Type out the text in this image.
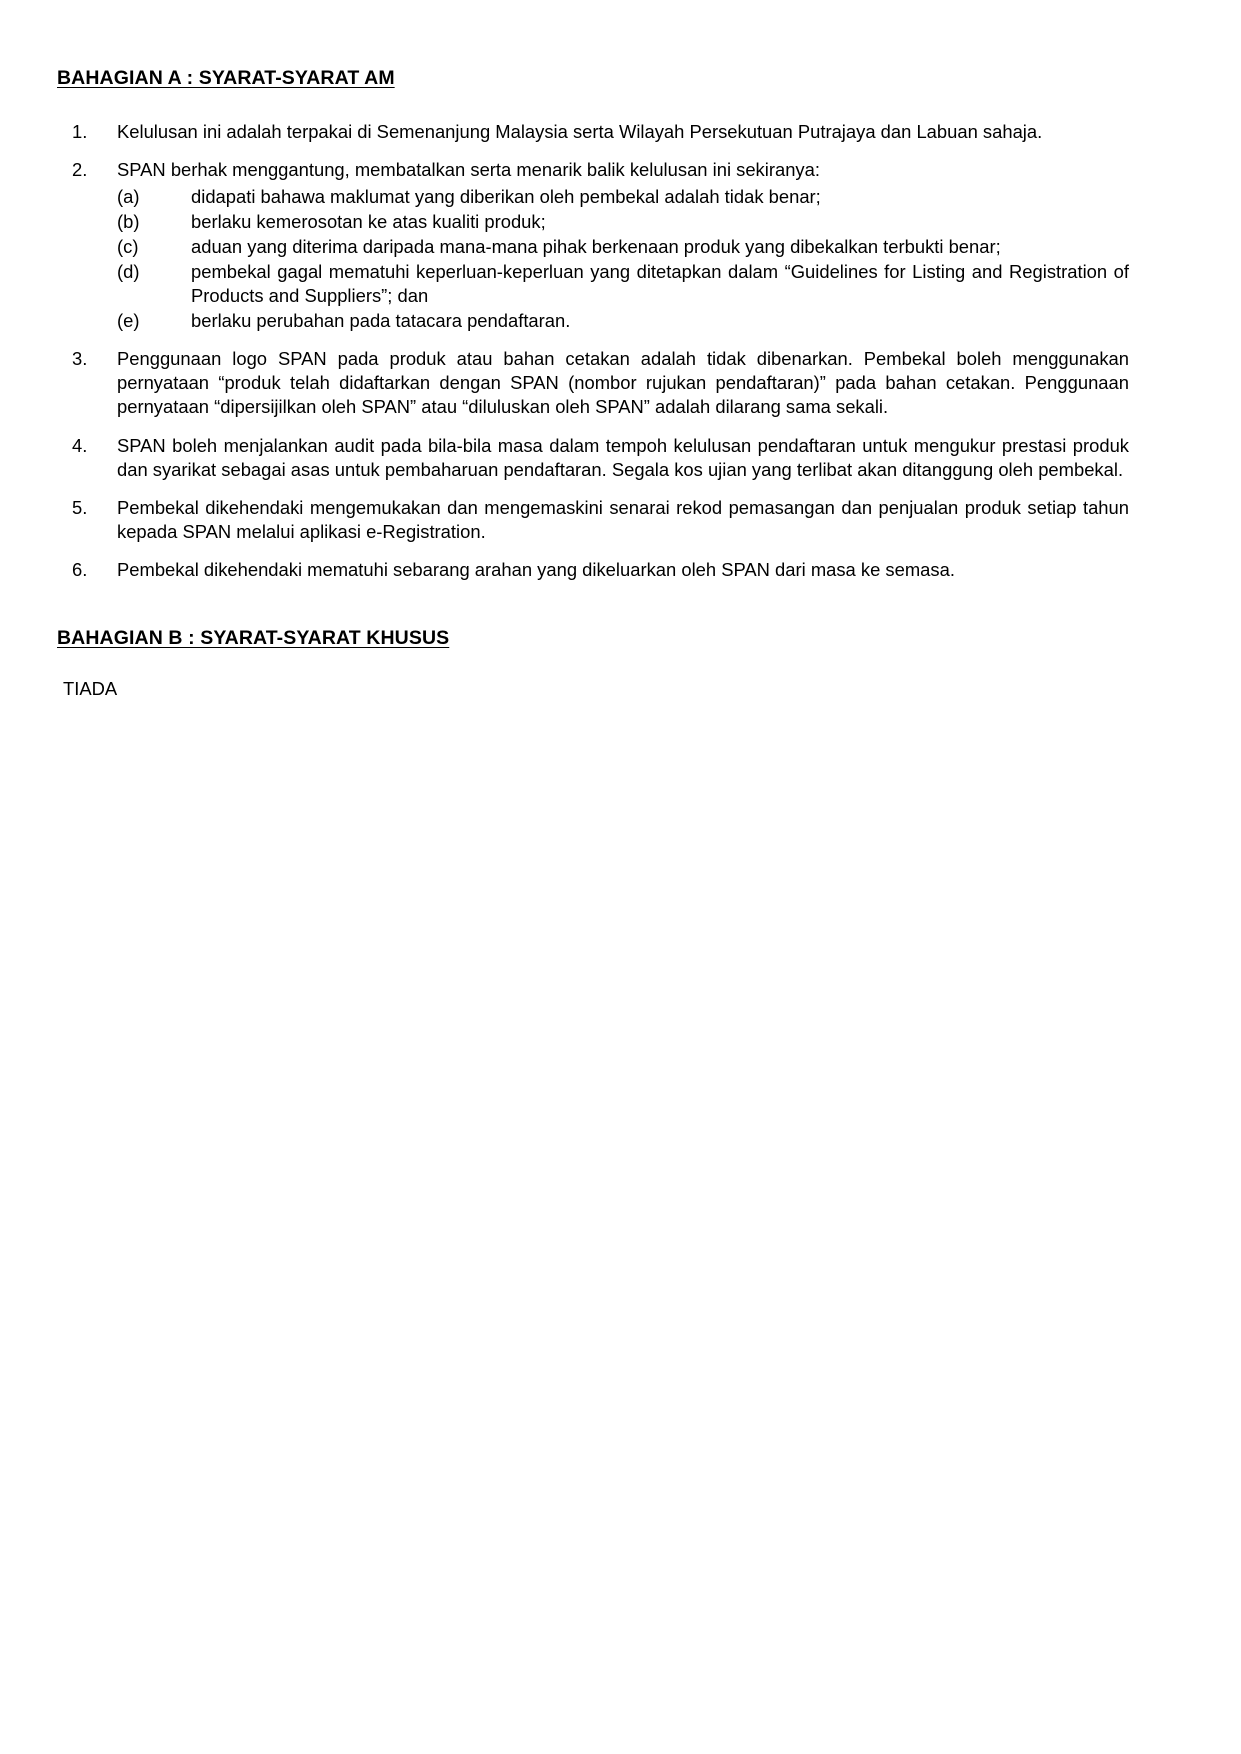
BAHAGIAN A : SYARAT-SYARAT AM
1.	Kelulusan ini adalah terpakai di Semenanjung Malaysia serta Wilayah Persekutuan Putrajaya dan Labuan sahaja.
2.	SPAN berhak menggantung, membatalkan serta menarik balik kelulusan ini sekiranya:
(a)	didapati bahawa maklumat yang diberikan oleh pembekal adalah tidak benar;
(b)	berlaku kemerosotan ke atas kualiti produk;
(c)	aduan yang diterima daripada mana-mana pihak berkenaan produk yang dibekalkan terbukti benar;
(d)	pembekal gagal mematuhi keperluan-keperluan yang ditetapkan dalam “Guidelines for Listing and Registration of Products and Suppliers”; dan
(e)	berlaku perubahan pada tatacara pendaftaran.
3.	Penggunaan logo SPAN pada produk atau bahan cetakan adalah tidak dibenarkan. Pembekal boleh menggunakan pernyataan “produk telah didaftarkan dengan SPAN (nombor rujukan pendaftaran)” pada bahan cetakan. Penggunaan pernyataan “dipersijilkan oleh SPAN” atau “diluluskan oleh SPAN” adalah dilarang sama sekali.
4.	SPAN boleh menjalankan audit pada bila-bila masa dalam tempoh kelulusan pendaftaran untuk mengukur prestasi produk dan syarikat sebagai asas untuk pembaharuan pendaftaran. Segala kos ujian yang terlibat akan ditanggung oleh pembekal.
5.	Pembekal dikehendaki mengemukakan dan mengemaskini senarai rekod pemasangan dan penjualan produk setiap tahun kepada SPAN melalui aplikasi e-Registration.
6.	Pembekal dikehendaki mematuhi sebarang arahan yang dikeluarkan oleh SPAN dari masa ke semasa.
BAHAGIAN B : SYARAT-SYARAT KHUSUS
TIADA
